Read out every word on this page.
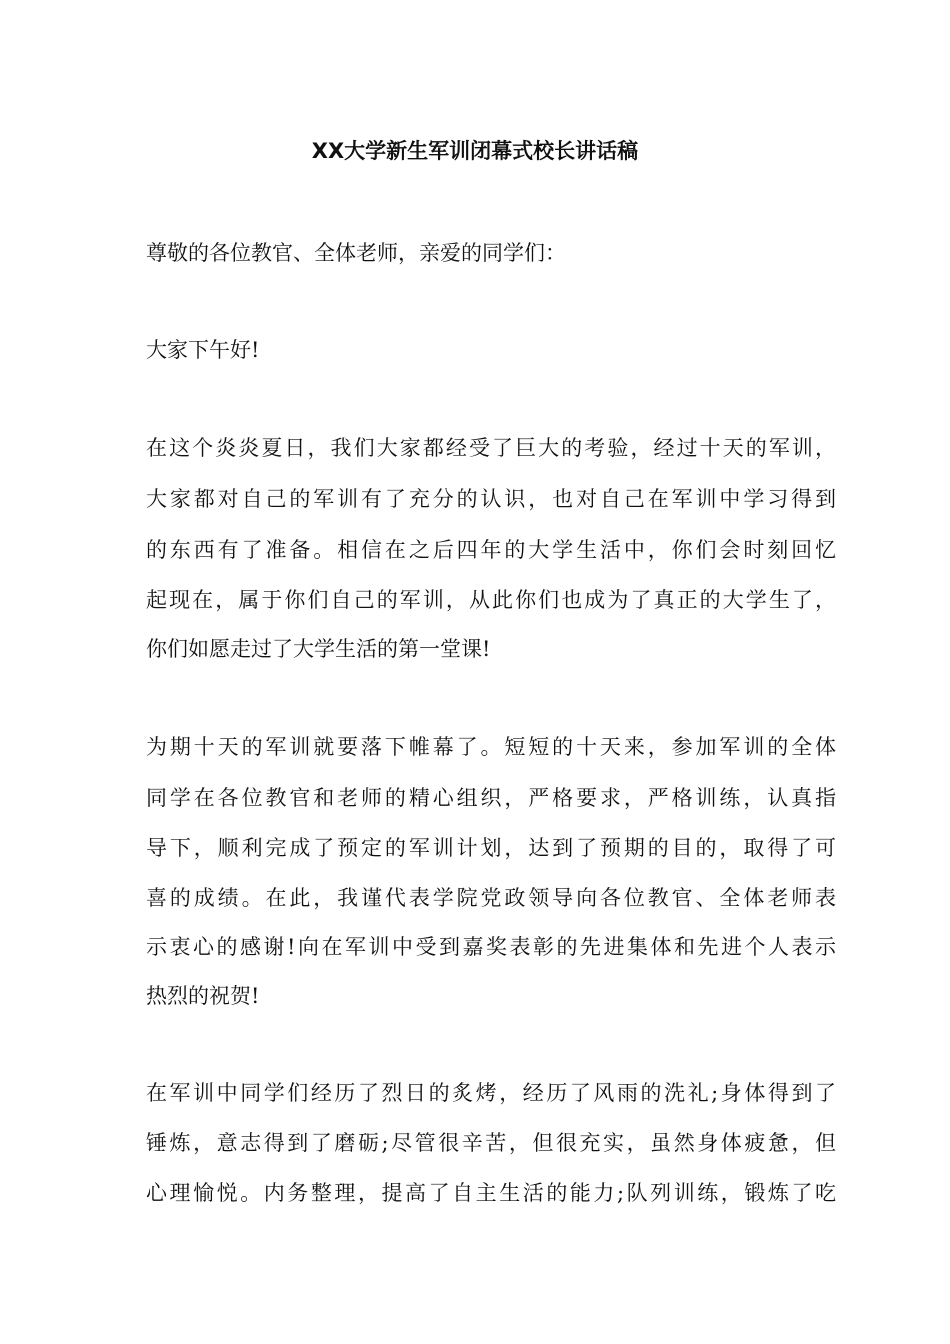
XX大学新生军训闭幕式校长讲话稿
尊敬的各位教官、全体老师，亲爱的同学们：
大家下午好!
在这个炎炎夏日，我们大家都经受了巨大的考验，经过十天的军训，
大家都对自己的军训有了充分的认识，也对自己在军训中学习得到
的东西有了准备。相信在之后四年的大学生活中，你们会时刻回忆
起现在，属于你们自己的军训，从此你们也成为了真正的大学生了，
你们如愿走过了大学生活的第一堂课!
为期十天的军训就要落下帷幕了。短短的十天来，参加军训的全体
同学在各位教官和老师的精心组织，严格要求，严格训练，认真指
导下，顺利完成了预定的军训计划，达到了预期的目的，取得了可
喜的成绩。在此，我谨代表学院党政领导向各位教官、全体老师表
示衷心的感谢!向在军训中受到嘉奖表彰的先进集体和先进个人表示
热烈的祝贺!
在军训中同学们经历了烈日的炙烤，经历了风雨的洗礼;身体得到了
锤炼，意志得到了磨砺;尽管很辛苦，但很充实，虽然身体疲惫，但
心理愉悦。内务整理，提高了自主生活的能力;队列训练，锻炼了吃
